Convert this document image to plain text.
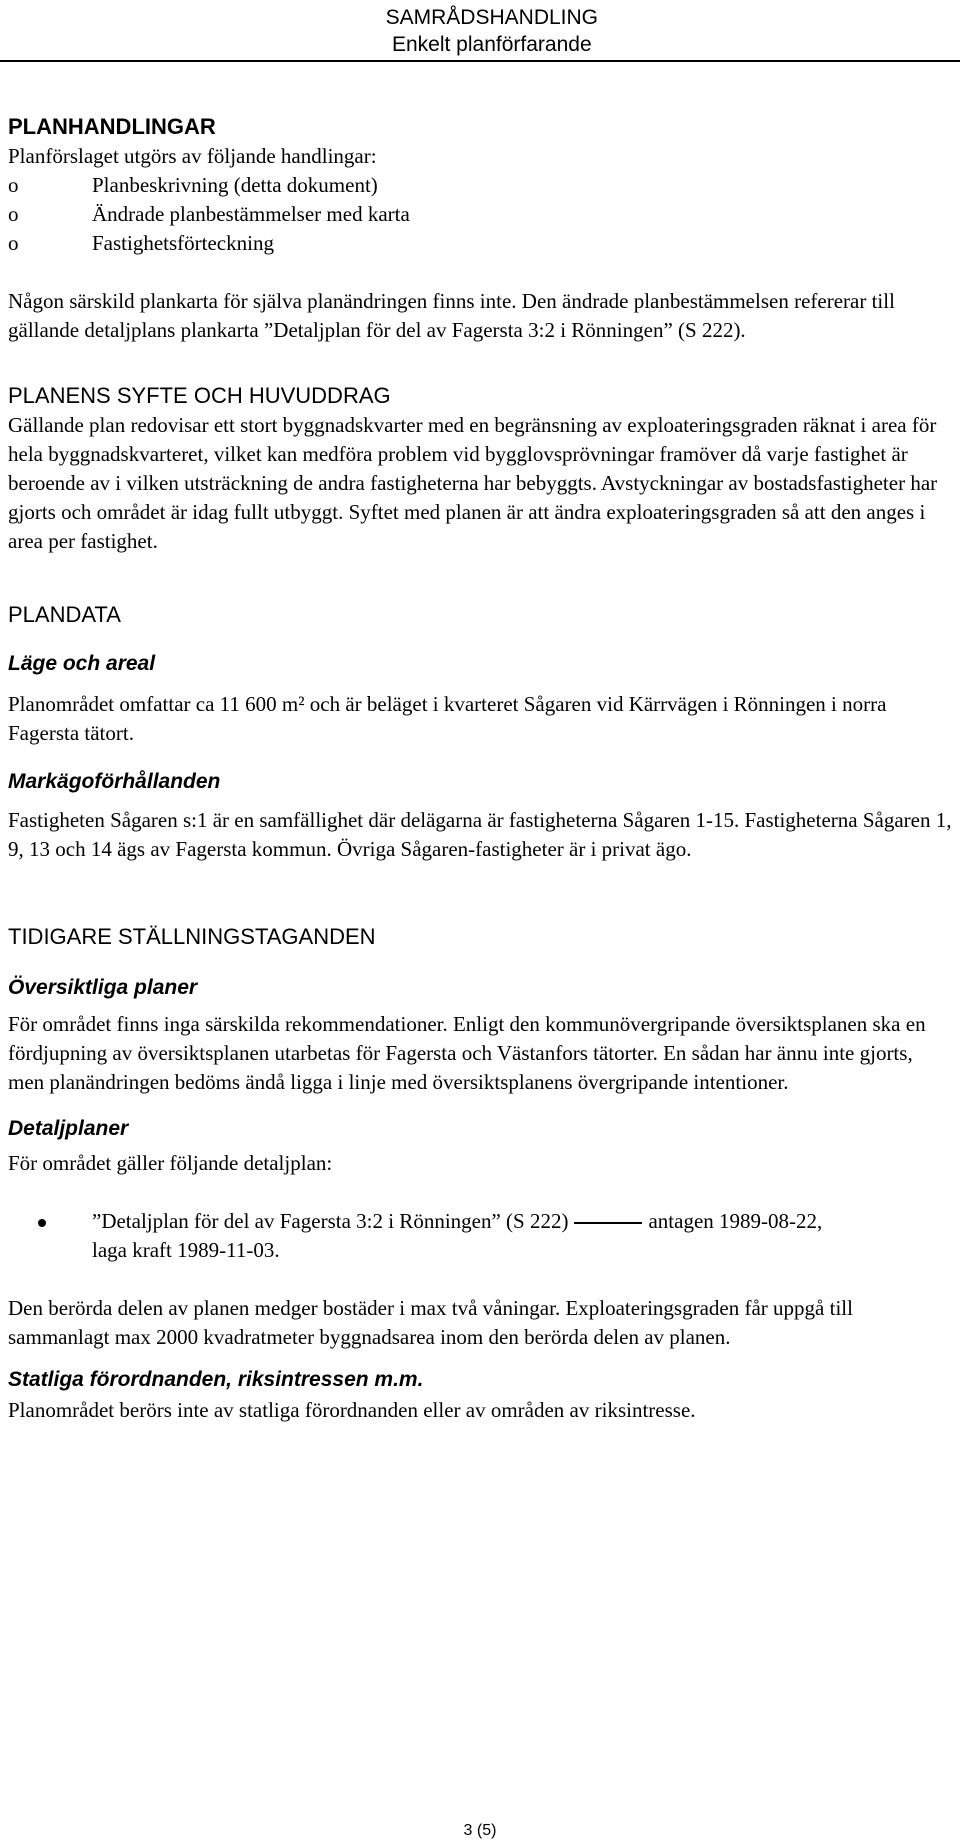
SAMRÅDSHANDLING
Enkelt planförfarande
PLANHANDLINGAR

Planförslaget utgörs av följande handlingar:

o	Planbeskrivning (detta dokument)
o	Ändrade planbestämmelser med karta
o	Fastighetsförteckning

Någon särskild plankarta för själva planändringen finns inte. Den ändrade planbestämmelsen refererar till gällande detaljplans plankarta ”Detaljplan för del av Fagersta 3:2 i Rönningen” (S 222).

PLANENS SYFTE OCH HUVUDDRAG

Gällande plan redovisar ett stort byggnadskvarter med en begränsning av exploateringsgraden räknat i area för hela byggnadskvarteret, vilket kan medföra problem vid bygglovsprövningar framöver då varje fastighet är beroende av i vilken utsträckning de andra fastigheterna har bebyggts. Avstyckningar av bostadsfastigheter har gjorts och området är idag fullt utbyggt. Syftet med planen är att ändra exploateringsgraden så att den anges i area per fastighet.

PLANDATA
Läge och areal

Planområdet omfattar ca 11 600 m² och är beläget i kvarteret Sågaren vid Kärrvägen i Rönningen i norra Fagersta tätort.

Markägoförhållanden

Fastigheten Sågaren s:1 är en samfällighet där delägarna är fastigheterna Sågaren 1-15. Fastigheterna Sågaren 1, 9, 13 och 14 ägs av Fagersta kommun. Övriga Sågaren-fastigheter är i privat ägo.

TIDIGARE STÄLLNINGSTAGANDEN
Översiktliga planer

För området finns inga särskilda rekommendationer. Enligt den kommunövergripande översiktsplanen ska en fördjupning av översiktsplanen utarbetas för Fagersta och Västanfors tätorter. En sådan har ännu inte gjorts, men planändringen bedöms ändå ligga i linje med översiktsplanens övergripande intentioner.

Detaljplaner

För området gäller följande detaljplan:

”Detaljplan för del av Fagersta 3:2 i Rönningen” (S 222)	antagen 1989-08-22, laga kraft 1989-11-03.

Den berörda delen av planen medger bostäder i max två våningar. Exploateringsgraden får uppgå till sammanlagt max 2000 kvadratmeter byggnadsarea inom den berörda delen av planen.

Statliga förordnanden, riksintressen m.m.

Planområdet berörs inte av statliga förordnanden eller av områden av riksintresse.

3 (5)
